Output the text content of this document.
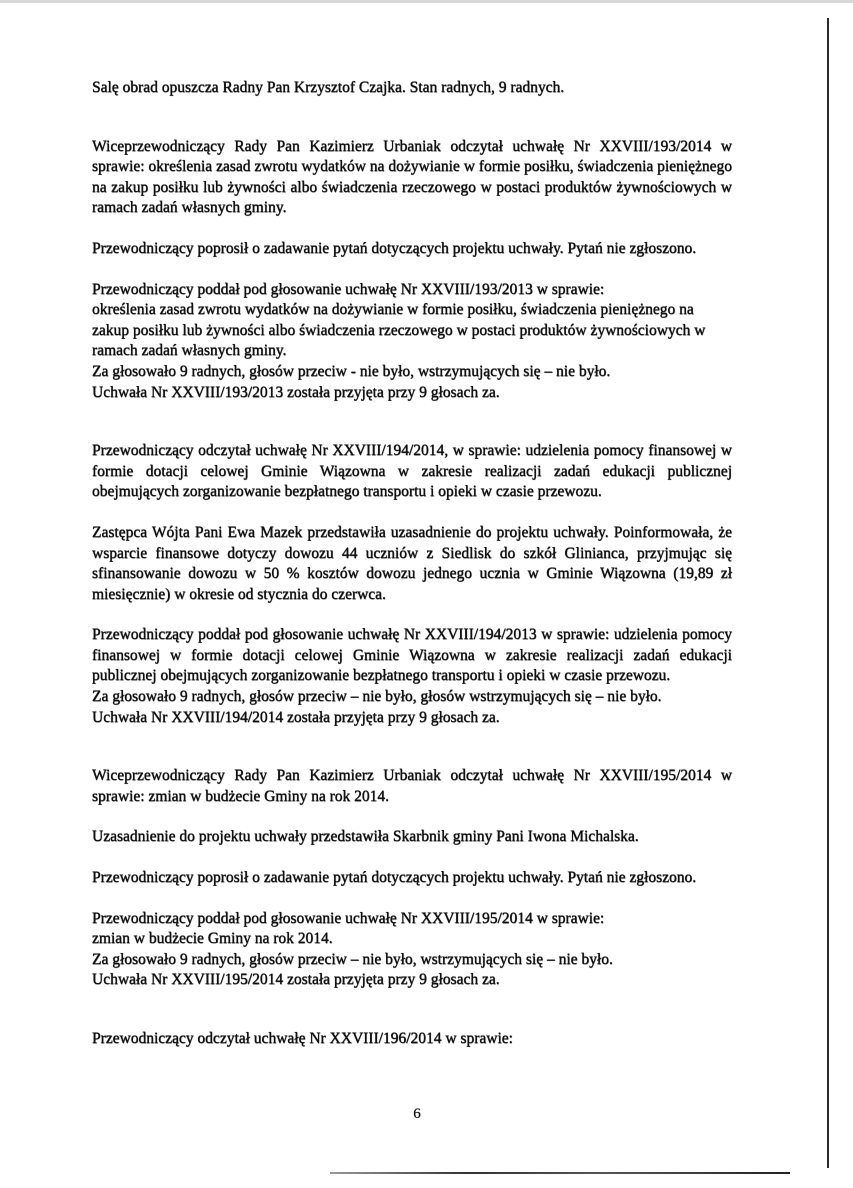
Salę obrad opuszcza Radny Pan Krzysztof Czajka. Stan radnych, 9 radnych.

Wiceprzewodniczący Rady Pan Kazimierz Urbaniak odczytał uchwałę Nr XXVIII/193/2014 w sprawie: określenia zasad zwrotu wydatków na dożywianie w formie posiłku, świadczenia pieniężnego na zakup posiłku lub żywności albo świadczenia rzeczowego w postaci produktów żywnościowych w ramach zadań własnych gminy.

Przewodniczący poprosił o zadawanie pytań dotyczących projektu uchwały. Pytań nie zgłoszono.

Przewodniczący poddał pod głosowanie uchwałę Nr XXVIII/193/2013 w sprawie:

określenia zasad zwrotu wydatków na dożywianie w formie posiłku, świadczenia pieniężnego na zakup posiłku lub żywności albo świadczenia rzeczowego w postaci produktów żywnościowych w ramach zadań własnych gminy.

Za głosowało 9 radnych, głosów przeciw - nie było, wstrzymujących się – nie było.

Uchwała Nr XXVIII/193/2013 została przyjęta przy 9 głosach za.

Przewodniczący odczytał uchwałę Nr XXVIII/194/2014, w sprawie: udzielenia pomocy finansowej w formie dotacji celowej Gminie Wiązowna w zakresie realizacji zadań edukacji publicznej obejmujących zorganizowanie bezpłatnego transportu i opieki w czasie przewozu.

Zastępca Wójta Pani Ewa Mazek przedstawiła uzasadnienie do projektu uchwały. Poinformowała, że wsparcie finansowe dotyczy dowozu 44 uczniów z Siedlisk do szkół Glinianca, przyjmując się sfinansowanie dowozu w 50 % kosztów dowozu jednego ucznia w Gminie Wiązowna (19,89 zł miesięcznie) w okresie od stycznia do czerwca.

Przewodniczący poddał pod głosowanie uchwałę Nr XXVIII/194/2013 w sprawie: udzielenia pomocy finansowej w formie dotacji celowej Gminie Wiązowna w zakresie realizacji zadań edukacji publicznej obejmujących zorganizowanie bezpłatnego transportu i opieki w czasie przewozu.

Za głosowało 9 radnych, głosów przeciw – nie było, głosów wstrzymujących się – nie było.

Uchwała Nr XXVIII/194/2014 została przyjęta przy 9 głosach za.

Wiceprzewodniczący Rady Pan Kazimierz Urbaniak odczytał uchwałę Nr XXVIII/195/2014 w sprawie: zmian w budżecie Gminy na rok 2014.

Uzasadnienie do projektu uchwały przedstawiła Skarbnik gminy Pani Iwona Michalska.

Przewodniczący poprosił o zadawanie pytań dotyczących projektu uchwały. Pytań nie zgłoszono.

Przewodniczący poddał pod głosowanie uchwałę Nr XXVIII/195/2014 w sprawie:

zmian w budżecie Gminy na rok 2014.

Za głosowało 9 radnych, głosów przeciw – nie było, wstrzymujących się – nie było.

Uchwała Nr XXVIII/195/2014 została przyjęta przy 9 głosach za.

Przewodniczący odczytał uchwałę Nr XXVIII/196/2014 w sprawie:

6
